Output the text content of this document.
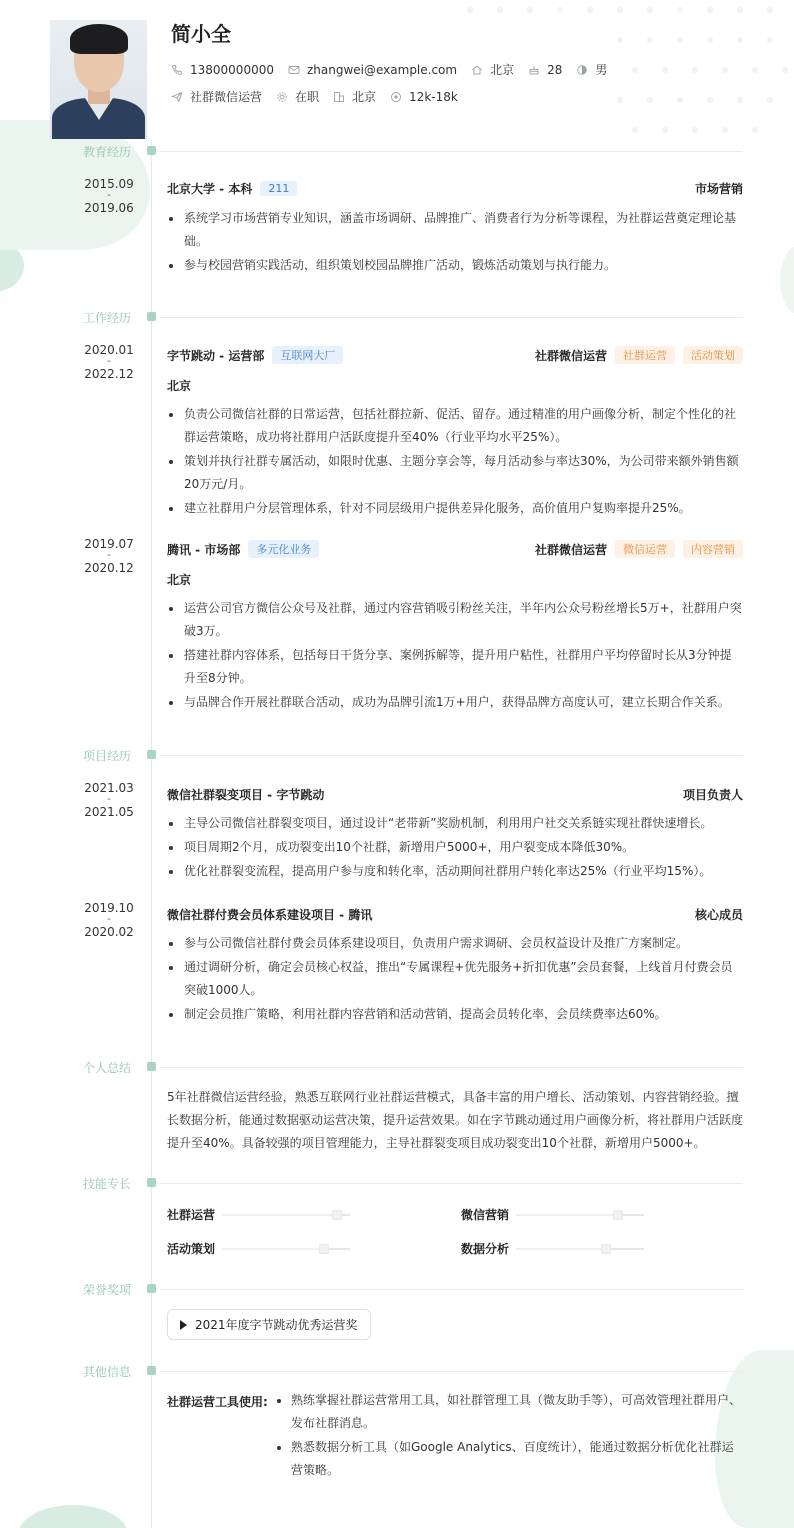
简小全
13800000000	zhangwei@example.com	北京	28	男
社群微信运营	在职	北京	12k-18k
教育经历
2015.09
-
2019.06
北京大学 - 本科	211	市场营销
系统学习市场营销专业知识，涵盖市场调研、品牌推广、消费者行为分析等课程，为社群运营奠定理论基础。
参与校园营销实践活动，组织策划校园品牌推广活动，锻炼活动策划与执行能力。
工作经历
2020.01
-
2022.12
字节跳动 - 运营部	互联网大厂	社群微信运营	社群运营	活动策划
北京
负责公司微信社群的日常运营，包括社群拉新、促活、留存。通过精准的用户画像分析，制定个性化的社群运营策略，成功将社群用户活跃度提升至40%（行业平均水平25%）。
策划并执行社群专属活动，如限时优惠、主题分享会等，每月活动参与率达30%，为公司带来额外销售额20万元/月。
建立社群用户分层管理体系，针对不同层级用户提供差异化服务，高价值用户复购率提升25%。
2019.07
-
2020.12
腾讯 - 市场部	多元化业务	社群微信运营	微信运营	内容营销
北京
运营公司官方微信公众号及社群，通过内容营销吸引粉丝关注，半年内公众号粉丝增长5万+，社群用户突破3万。
搭建社群内容体系，包括每日干货分享、案例拆解等，提升用户粘性，社群用户平均停留时长从3分钟提升至8分钟。
与品牌合作开展社群联合活动，成功为品牌引流1万+用户，获得品牌方高度认可，建立长期合作关系。
项目经历
2021.03
-
2021.05
微信社群裂变项目 - 字节跳动	项目负责人
主导公司微信社群裂变项目，通过设计“老带新”奖励机制，利用用户社交关系链实现社群快速增长。
项目周期2个月，成功裂变出10个社群，新增用户5000+，用户裂变成本降低30%。
优化社群裂变流程，提高用户参与度和转化率，活动期间社群用户转化率达25%（行业平均15%）。
2019.10
-
2020.02
微信社群付费会员体系建设项目 - 腾讯	核心成员
参与公司微信社群付费会员体系建设项目，负责用户需求调研、会员权益设计及推广方案制定。
通过调研分析，确定会员核心权益，推出“专属课程+优先服务+折扣优惠”会员套餐，上线首月付费会员突破1000人。
制定会员推广策略，利用社群内容营销和活动营销，提高会员转化率，会员续费率达60%。
个人总结
5年社群微信运营经验，熟悉互联网行业社群运营模式，具备丰富的用户增长、活动策划、内容营销经验。擅长数据分析，能通过数据驱动运营决策，提升运营效果。如在字节跳动通过用户画像分析，将社群用户活跃度提升至40%。具备较强的项目管理能力，主导社群裂变项目成功裂变出10个社群，新增用户5000+。
技能专长
社群运营	微信营销
活动策划	数据分析
荣誉奖项
2021年度字节跳动优秀运营奖
其他信息
社群运营工具使用:	熟练掌握社群运营常用工具，如社群管理工具（微友助手等），可高效管理社群用户、发布社群消息。
熟悉数据分析工具（如Google Analytics、百度统计），能通过数据分析优化社群运营策略。
